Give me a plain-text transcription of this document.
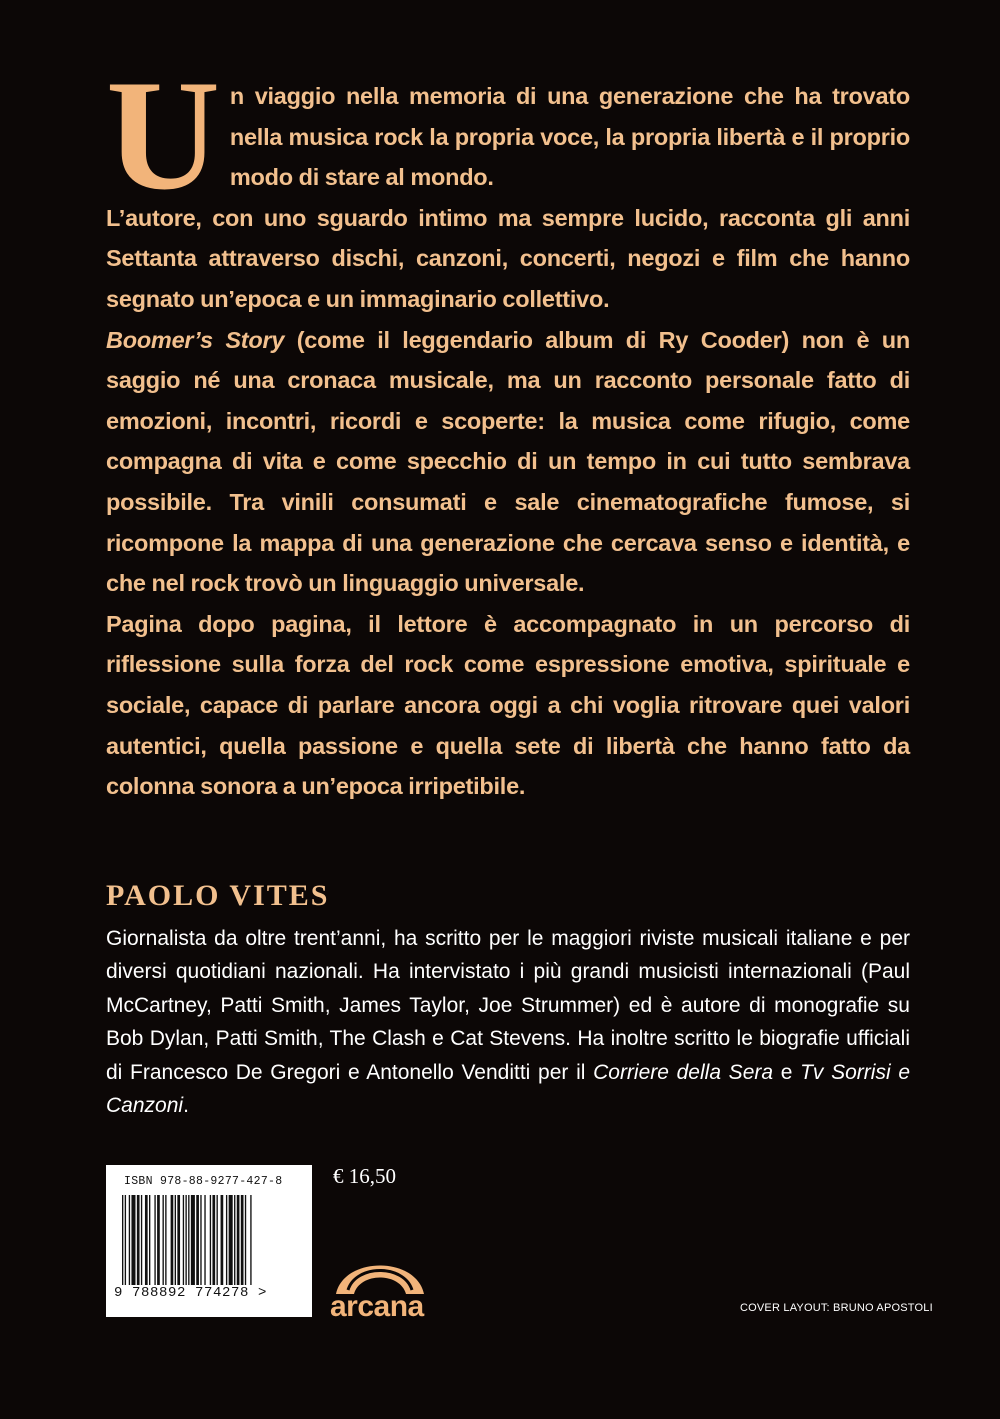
Un viaggio nella memoria di una generazione che ha trovato nella musica rock la propria voce, la propria libertà e il proprio modo di stare al mondo.

L’autore, con uno sguardo intimo ma sempre lucido, racconta gli anni Settanta attraverso dischi, canzoni, concerti, negozi e film che hanno segnato un’epoca e un immaginario collettivo.

Boomer’s Story (come il leggendario album di Ry Cooder) non è un saggio né una cronaca musicale, ma un racconto personale fatto di emozioni, incontri, ricordi e scoperte: la musica come rifugio, come compagna di vita e come specchio di un tempo in cui tutto sembrava possibile. Tra vinili consumati e sale cinematografiche fumose, si ricompone la mappa di una generazione che cercava senso e identità, e che nel rock trovò un linguaggio universale.

Pagina dopo pagina, il lettore è accompagnato in un percorso di riflessione sulla forza del rock come espressione emotiva, spirituale e sociale, capace di parlare ancora oggi a chi voglia ritrovare quei valori autentici, quella passione e quella sete di libertà che hanno fatto da colonna sonora a un’epoca irripetibile.

PAOLO VITES

Giornalista da oltre trent’anni, ha scritto per le maggiori riviste musicali italiane e per diversi quotidiani nazionali. Ha intervistato i più grandi musicisti internazionali (Paul McCartney, Patti Smith, James Taylor, Joe Strummer) ed è autore di monografie su Bob Dylan, Patti Smith, The Clash e Cat Stevens. Ha inoltre scritto le biografie ufficiali di Francesco De Gregori e Antonello Venditti per il Corriere della Sera e Tv Sorrisi e Canzoni.

ISBN 978-88-9277-427-8
9 788892 774278 >
€ 16,50
arcana	COVER LAYOUT: BRUNO APOSTOLI
